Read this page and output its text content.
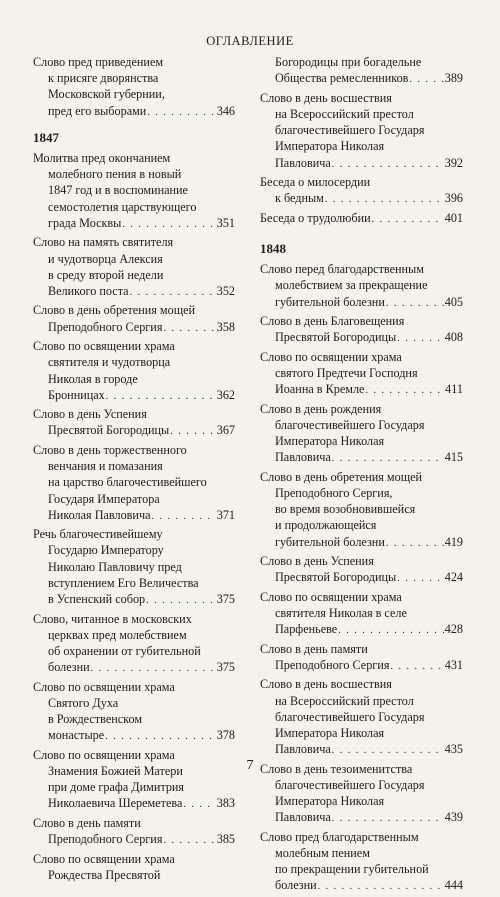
ОГЛАВЛЕНИЕ
Слово пред приведением
к присяге дворянства
Московской губернии,
пред его выборами . . .	346
1847
Молитва пред окончанием
молебного пения в новый
1847 год и в воспоминание
семостолетия царствующего
града Москвы . . .	351
Слово на память святителя
и чудотворца Алексия
в среду второй недели
Великого поста . . .	352
Слово в день обретения мощей
Преподобного Сергия . . .	358
Слово по освящении храма
святителя и чудотворца
Николая в городе
Бронницах . . .	362
Слово в день Успения
Пресвятой Богородицы . . .	367
Слово в день торжественного
венчания и помазания
на царство благочестивейшего
Государя Императора
Николая Павловича . . .	371
Речь благочестивейшему
Государю Императору
Николаю Павловичу пред
вступлением Его Величества
в Успенский собор . . .	375
Слово, читанное в московских
церквах пред молебствием
об охранении от губительной
болезни . . .	375
Слово по освящении храма
Святого Духа
в Рождественском
монастыре . . .	378
Слово по освящении храма
Знамения Божией Матери
при доме графа Димитрия
Николаевича Шереметева . . .	383
Слово в день памяти
Преподобного Сергия . . .	385
Слово по освящении храма
Рождества Пресвятой
Богородицы при богадельне
Общества ремесленников . . .	389
Слово в день восшествия
на Всероссийский престол
благочестивейшего Государя
Императора Николая
Павловича . . .	392
Беседа о милосердии
к бедным . . .	396
Беседа о трудолюбии . . .	401
1848
Слово перед благодарственным
молебствием за прекращение
губительной болезни . . .	405
Слово в день Благовещения
Пресвятой Богородицы . . .	408
Слово по освящении храма
святого Предтечи Господня
Иоанна в Кремле . . .	411
Слово в день рождения
благочестивейшего Государя
Императора Николая
Павловича . . .	415
Слово в день обретения мощей
Преподобного Сергия,
во время возобновившейся
и продолжающейся
губительной болезни . . .	419
Слово в день Успения
Пресвятой Богородицы . . .	424
Слово по освящении храма
святителя Николая в селе
Парфеньеве . . .	428
Слово в день памяти
Преподобного Сергия . . .	431
Слово в день восшествия
на Всероссийский престол
благочестивейшего Государя
Императора Николая
Павловича . . .	435
Слово в день тезоименитства
благочестивейшего Государя
Императора Николая
Павловича . . .	439
Слово пред благодарственным
молебным пением
по прекращении губительной
болезни . . .	444
7
